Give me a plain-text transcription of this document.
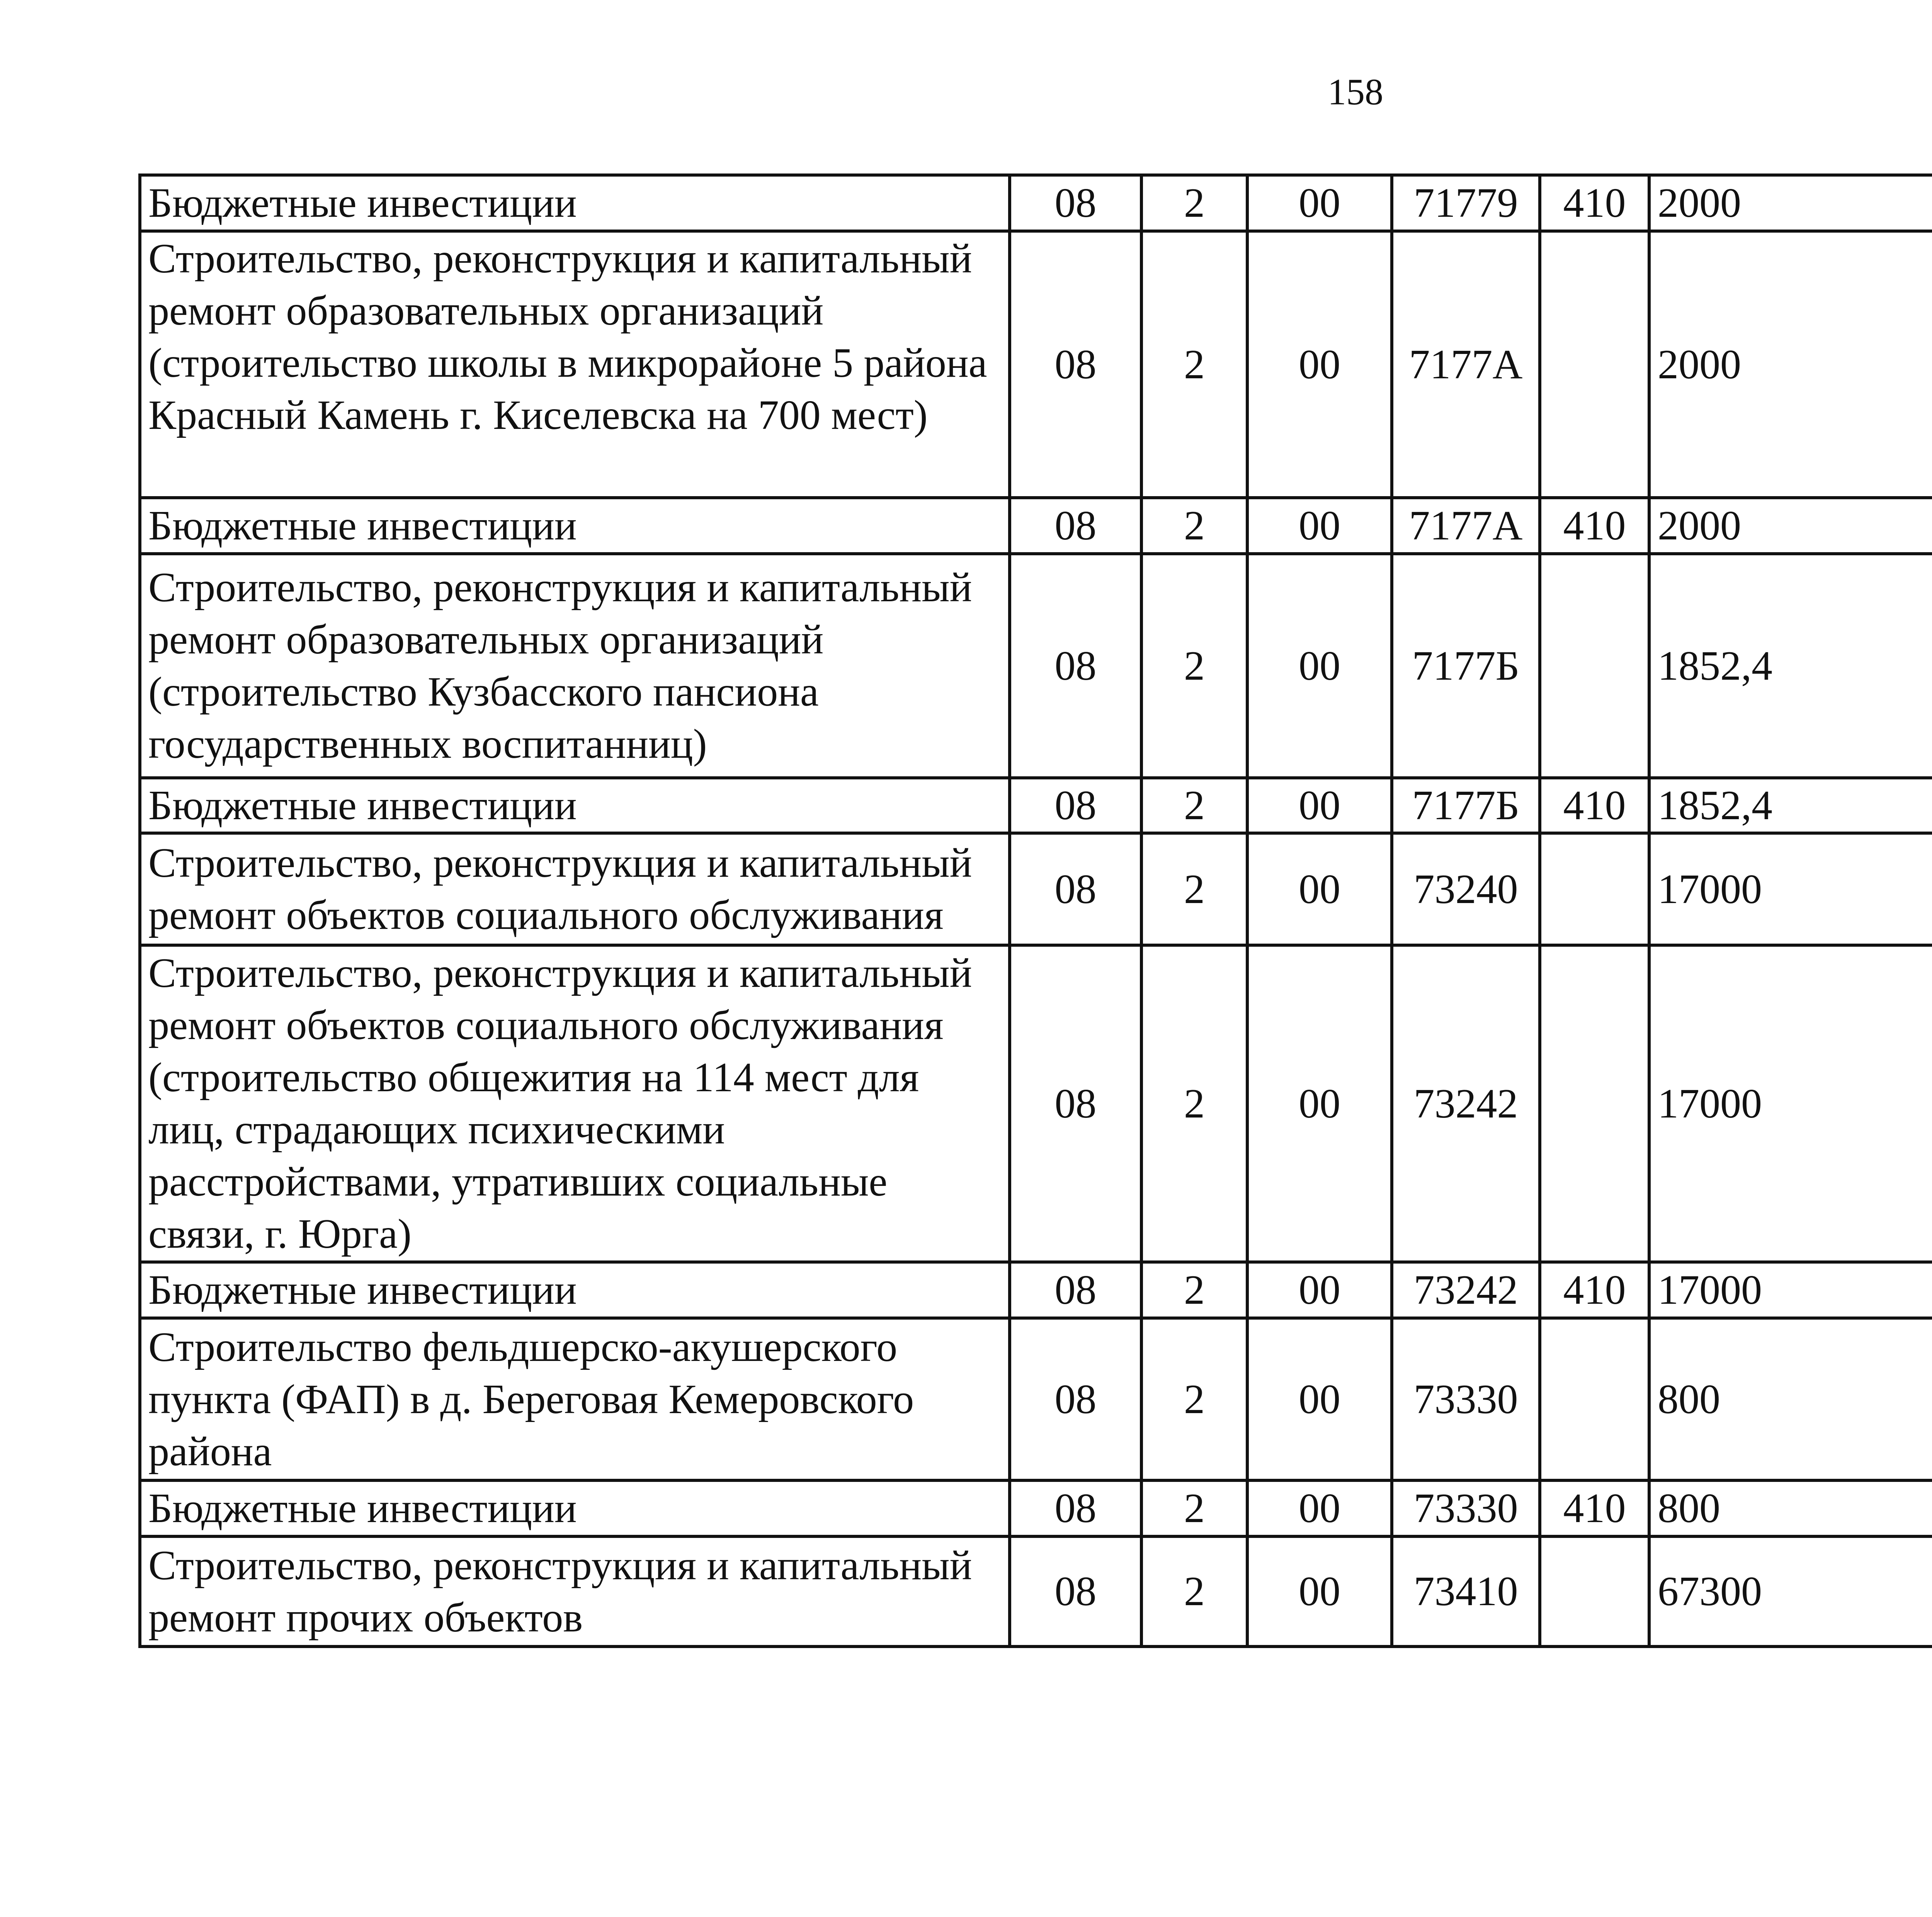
158
Бюджетные инвестиции	08	2	00	71779	410	2000		
Строительство, реконструкция и капитальный ремонт образовательных организаций (строительство школы в микрорайоне 5 района Красный Камень г. Киселевска на 700 мест)	08	2	00	7177А		2000		
Бюджетные инвестиции	08	2	00	7177А	410	2000		
Строительство, реконструкция и капитальный ремонт образовательных организаций (строительство Кузбасского пансиона государственных воспитанниц)	08	2	00	7177Б		1852,4		
Бюджетные инвестиции	08	2	00	7177Б	410	1852,4		
Строительство, реконструкция и капитальный ремонт объектов социального обслуживания	08	2	00	73240		17000		
Строительство, реконструкция и капитальный ремонт объектов социального обслуживания (строительство общежития на 114 мест для лиц, страдающих психическими расстройствами, утративших социальные связи, г. Юрга)	08	2	00	73242		17000		
Бюджетные инвестиции	08	2	00	73242	410	17000		
Строительство фельдшерско-акушерского пункта (ФАП) в д. Береговая Кемеровского района	08	2	00	73330		800		
Бюджетные инвестиции	08	2	00	73330	410	800		
Строительство, реконструкция и капитальный ремонт прочих объектов	08	2	00	73410		67300		
